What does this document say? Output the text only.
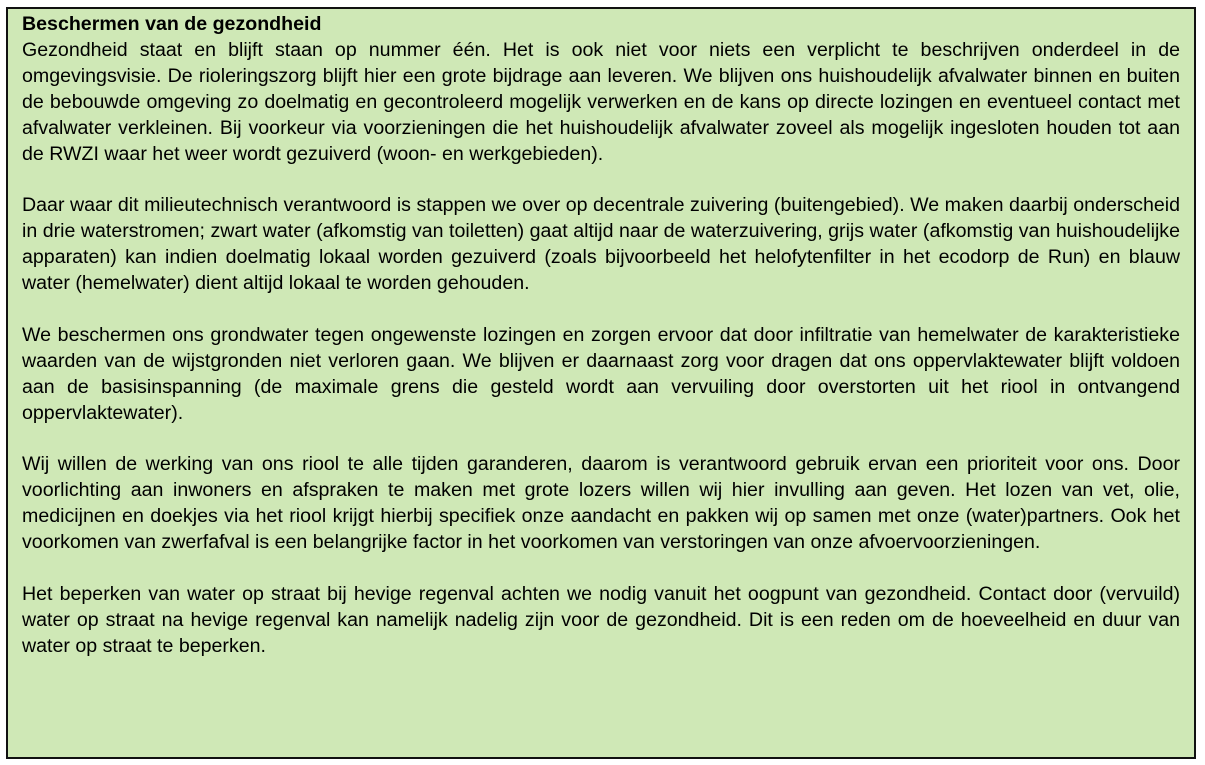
Beschermen van de gezondheid

Gezondheid staat en blijft staan op nummer één. Het is ook niet voor niets een verplicht te beschrijven onderdeel in de omgevingsvisie. De rioleringszorg blijft hier een grote bijdrage aan leveren. We blijven ons huishoudelijk afvalwater binnen en buiten de bebouwde omgeving zo doelmatig en gecontroleerd mogelijk verwerken en de kans op directe lozingen en eventueel contact met afvalwater verkleinen. Bij voorkeur via voorzieningen die het huishoudelijk afvalwater zoveel als mogelijk ingesloten houden tot aan de RWZI waar het weer wordt gezuiverd (woon- en werkgebieden).

Daar waar dit milieutechnisch verantwoord is stappen we over op decentrale zuivering (buitengebied). We maken daarbij onderscheid in drie waterstromen; zwart water (afkomstig van toiletten) gaat altijd naar de waterzuivering, grijs water (afkomstig van huishoudelijke apparaten) kan indien doelmatig lokaal worden gezuiverd (zoals bijvoorbeeld het helofytenfilter in het ecodorp de Run) en blauw water (hemelwater) dient altijd lokaal te worden gehouden.

We beschermen ons grondwater tegen ongewenste lozingen en zorgen ervoor dat door infiltratie van hemelwater de karakteristieke waarden van de wijstgronden niet verloren gaan. We blijven er daarnaast zorg voor dragen dat ons oppervlaktewater blijft voldoen aan de basisinspanning (de maximale grens die gesteld wordt aan vervuiling door overstorten uit het riool in ontvangend oppervlaktewater).

Wij willen de werking van ons riool te alle tijden garanderen, daarom is verantwoord gebruik ervan een prioriteit voor ons. Door voorlichting aan inwoners en afspraken te maken met grote lozers willen wij hier invulling aan geven. Het lozen van vet, olie, medicijnen en doekjes via het riool krijgt hierbij specifiek onze aandacht en pakken wij op samen met onze (water)partners. Ook het voorkomen van zwerfafval is een belangrijke factor in het voorkomen van verstoringen van onze afvoervoorzieningen.

Het beperken van water op straat bij hevige regenval achten we nodig vanuit het oogpunt van gezondheid. Contact door (vervuild) water op straat na hevige regenval kan namelijk nadelig zijn voor de gezondheid. Dit is een reden om de hoeveelheid en duur van water op straat te beperken.
